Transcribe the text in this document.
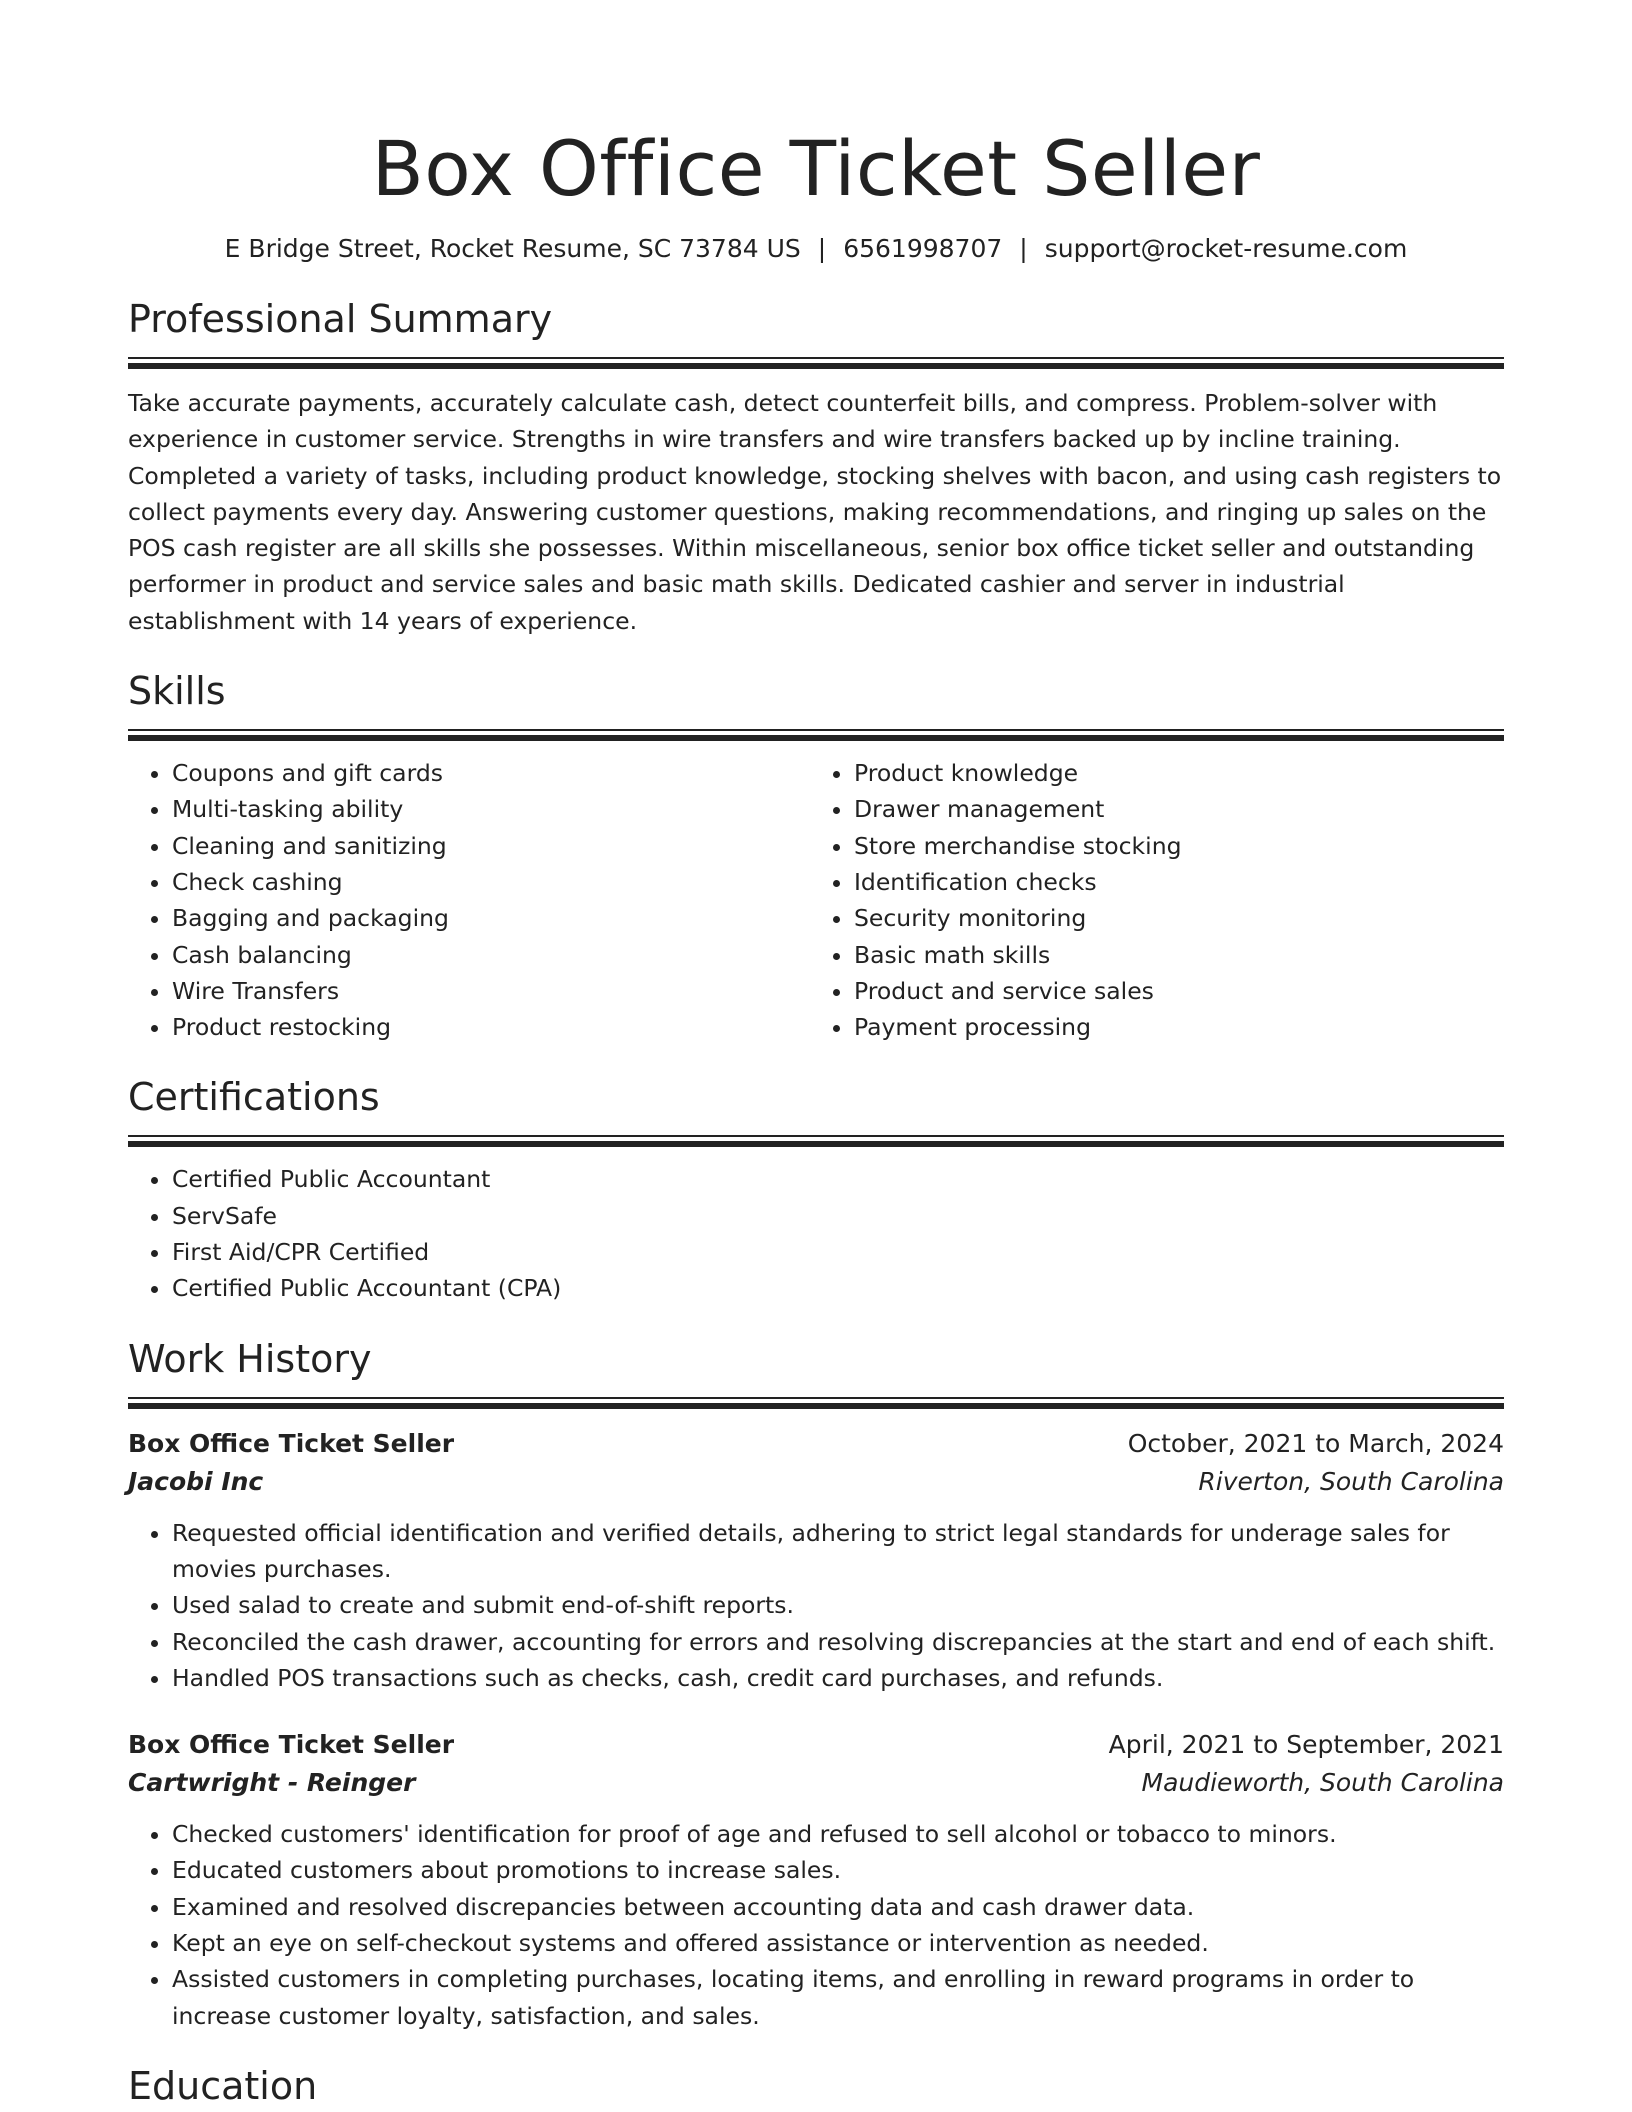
Box Office Ticket Seller
E Bridge Street, Rocket Resume, SC 73784 US | 6561998707 | support@rocket-resume.com
Professional Summary

Take accurate payments, accurately calculate cash, detect counterfeit bills, and compress. Problem-solver with experience in customer service. Strengths in wire transfers and wire transfers backed up by incline training. Completed a variety of tasks, including product knowledge, stocking shelves with bacon, and using cash registers to collect payments every day. Answering customer questions, making recommendations, and ringing up sales on the POS cash register are all skills she possesses. Within miscellaneous, senior box office ticket seller and outstanding performer in product and service sales and basic math skills. Dedicated cashier and server in industrial establishment with 14 years of experience.

Skills
• Coupons and gift cards
• Multi-tasking ability
• Cleaning and sanitizing
• Check cashing
• Bagging and packaging
• Cash balancing
• Wire Transfers
• Product restocking
• Product knowledge
• Drawer management
• Store merchandise stocking
• Identification checks
• Security monitoring
• Basic math skills
• Product and service sales
• Payment processing
Certifications
• Certified Public Accountant
• ServSafe
• First Aid/CPR Certified
• Certified Public Accountant (CPA)
Work History
Box Office Ticket Seller	October, 2021 to March, 2024
Jacobi Inc	Riverton, South Carolina
• Requested official identification and verified details, adhering to strict legal standards for underage sales for movies purchases.
• Used salad to create and submit end-of-shift reports.
• Reconciled the cash drawer, accounting for errors and resolving discrepancies at the start and end of each shift.
• Handled POS transactions such as checks, cash, credit card purchases, and refunds.
Box Office Ticket Seller	April, 2021 to September, 2021
Cartwright - Reinger	Maudieworth, South Carolina
• Checked customers' identification for proof of age and refused to sell alcohol or tobacco to minors.
• Educated customers about promotions to increase sales.
• Examined and resolved discrepancies between accounting data and cash drawer data.
• Kept an eye on self-checkout systems and offered assistance or intervention as needed.
• Assisted customers in completing purchases, locating items, and enrolling in reward programs in order to increase customer loyalty, satisfaction, and sales.
Education
